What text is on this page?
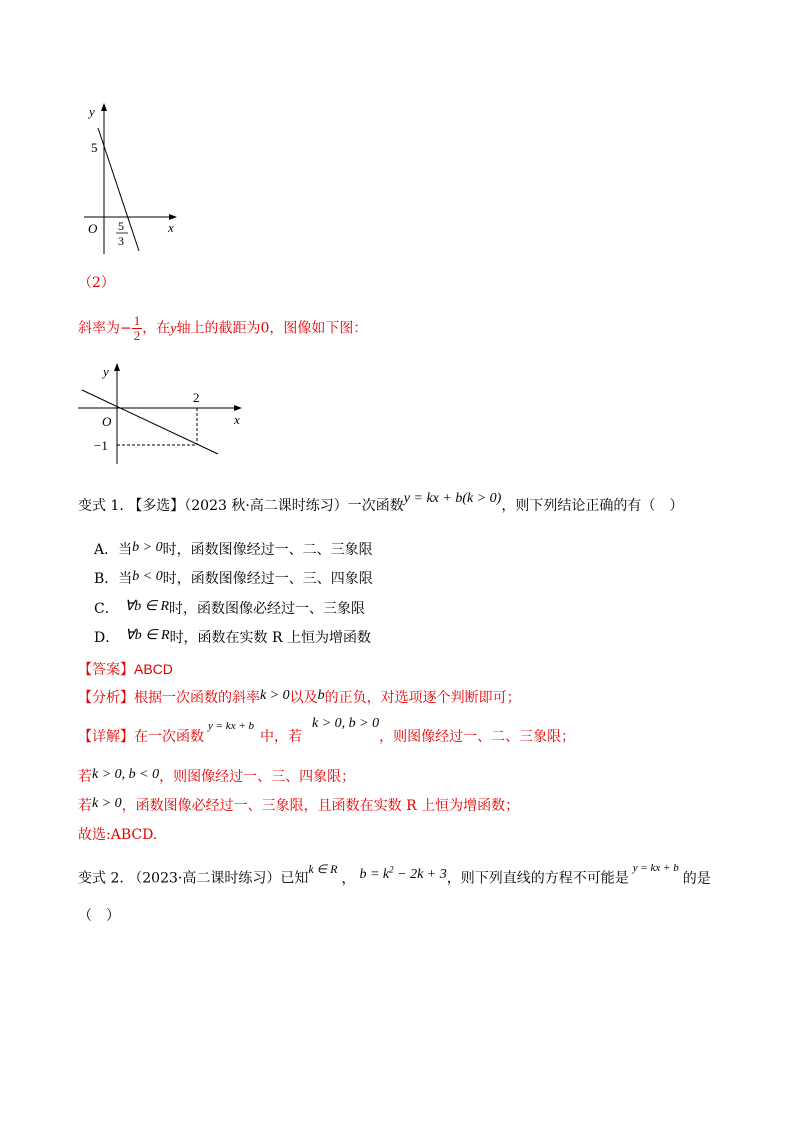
y
x
O
5
5
3
（2）
斜率为− $\frac{1}{2}$ ，在y轴上的截距为0，图像如下图：
y
x
O
2
−1
变式 1. 【多选】（2023 秋·高二课时练习）一次函数y = kx + b(k > 0)，则下列结论正确的有（　）
A．当b > 0时，函数图像经过一、二、三象限
B．当b < 0时，函数图像经过一、三、四象限
C． ∀b ∈ R时，函数图像必经过一、三象限
D． ∀b ∈ R时，函数在实数 R 上恒为增函数
【答案】ABCD
【分析】根据一次函数的斜率k > 0以及b的正负，对选项逐个判断即可；
【详解】在一次函数$^{y = kx + b}$中，若k > 0, b > 0，则图像经过一、二、三象限；
若k > 0, b < 0，则图像经过一、三、四象限；
若k > 0，函数图像必经过一、三象限，且函数在实数 R 上恒为增函数；
故选:ABCD.
变式 2. （2023·高二课时练习）已知k ∈ R， $b = k^2 - 2k + 3$，则下列直线的方程不可能是$^{y = kx + b}$的是
（　）
